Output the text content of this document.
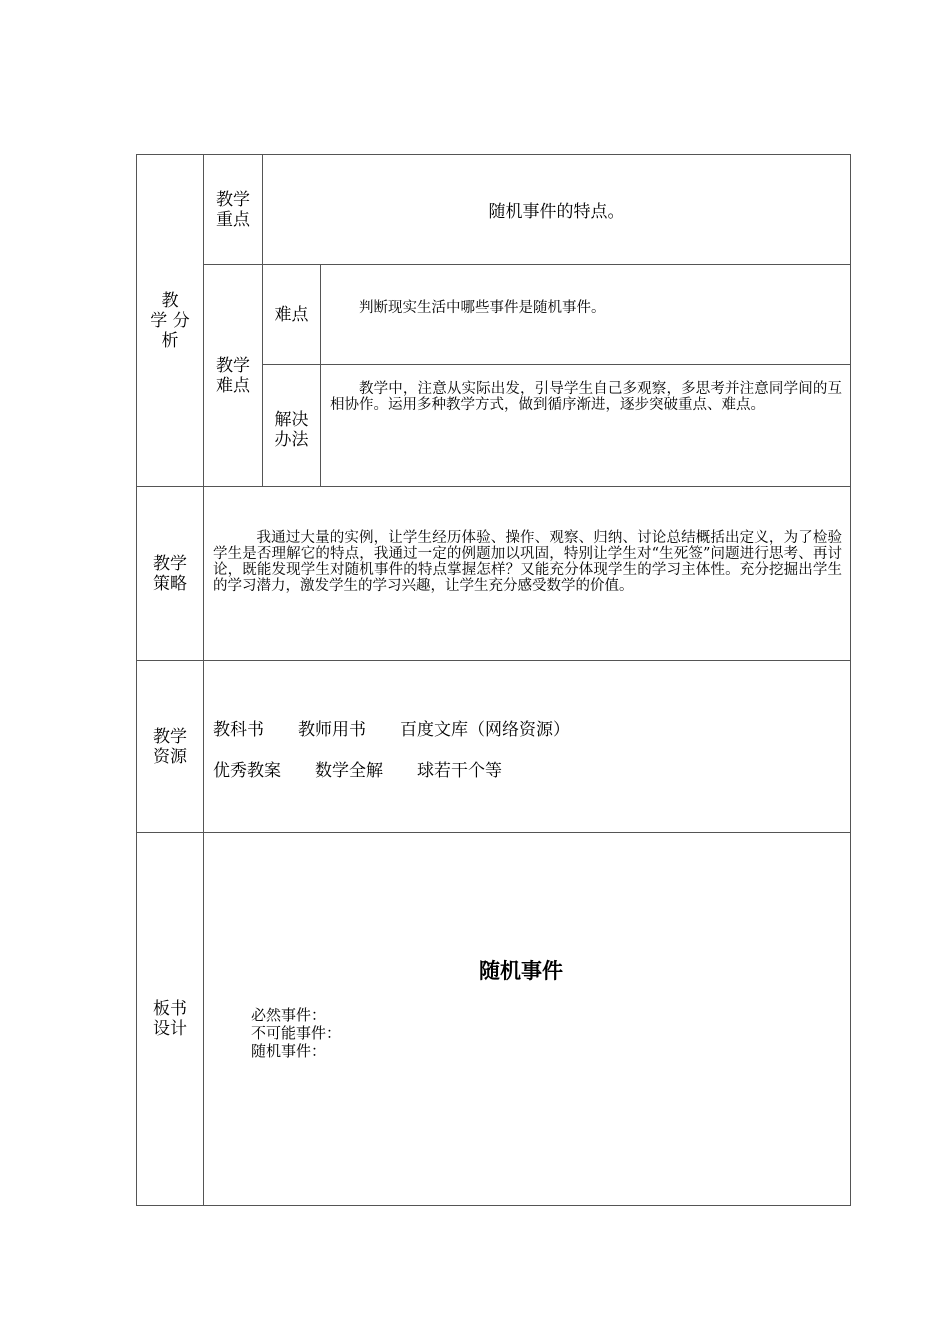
教
学 分
析
教学
重点	随机事件的特点。
教学
难点
难点	判断现实生活中哪些事件是随机事件。
解决
办法
教学中，注意从实际出发，引导学生自己多观察，多思考并注意同学间的互相协作。运用多种教学方式，做到循序渐进，逐步突破重点、难点。
教学
策略
我通过大量的实例，让学生经历体验、操作、观察、归纳、讨论总结概括出定义，为了检验学生是否理解它的特点，我通过一定的例题加以巩固，特别让学生对“生死签”问题进行思考、再讨论，既能发现学生对随机事件的特点掌握怎样？又能充分体现学生的学习主体性。充分挖掘出学生的学习潜力，激发学生的学习兴趣，让学生充分感受数学的价值。
教学
资源
教科书　　教师用书　　百度文库（网络资源）
优秀教案　　数学全解　　球若干个等
板书
设计
随机事件
必然事件：
不可能事件：
随机事件：
